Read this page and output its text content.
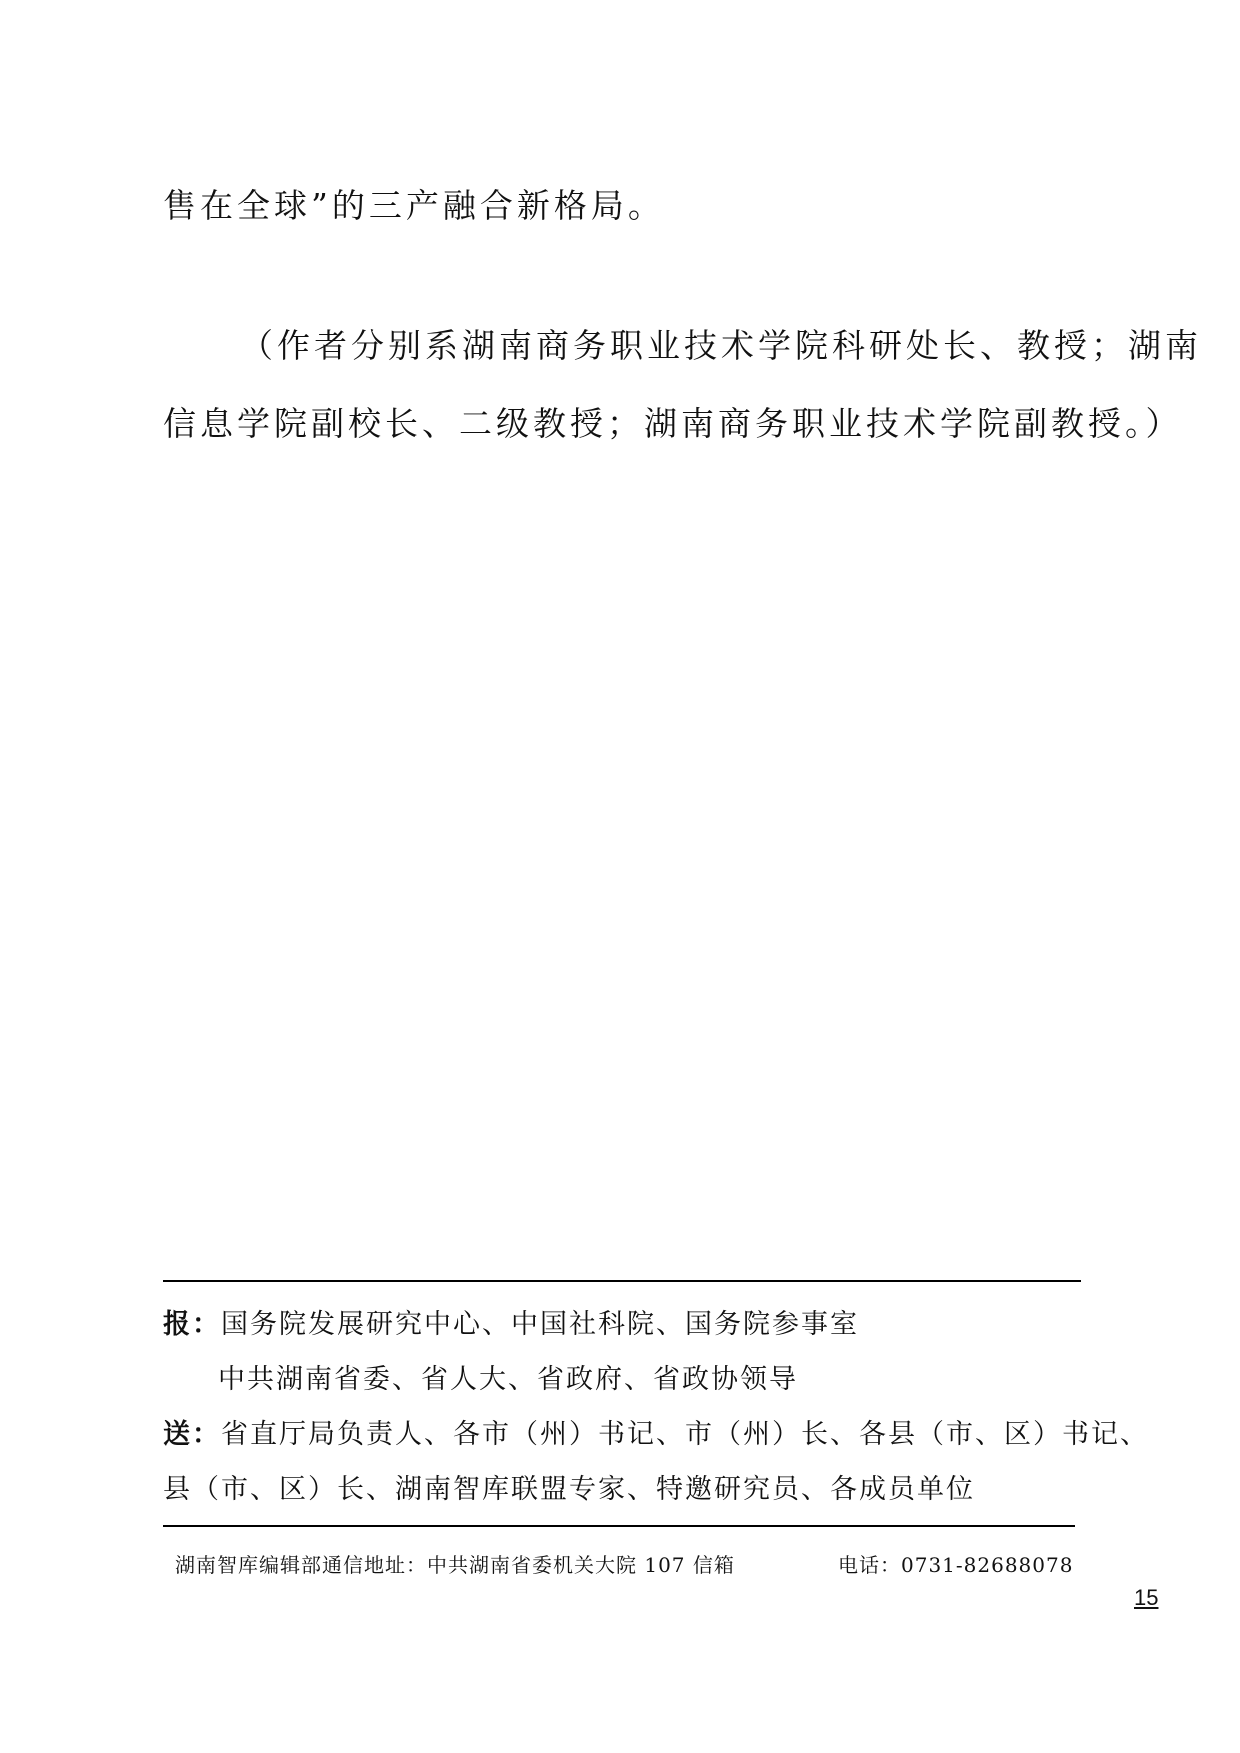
售在全球”的三产融合新格局。

（作者分别系湖南商务职业技术学院科研处长、教授；湖南

信息学院副校长、二级教授；湖南商务职业技术学院副教授。）

报：国务院发展研究中心、中国社科院、国务院参事室

中共湖南省委、省人大、省政府、省政协领导

送：省直厅局负责人、各市（州）书记、市（州）长、各县（市、区）书记、

县（市、区）长、湖南智库联盟专家、特邀研究员、各成员单位

湖南智库编辑部通信地址：中共湖南省委机关大院 107 信箱	电话：0731-82688078

15
